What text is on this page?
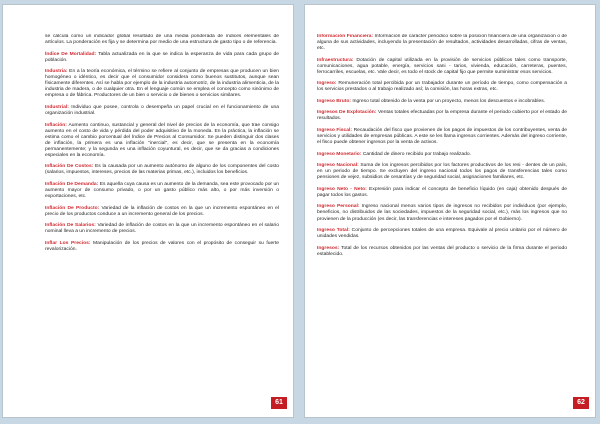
se calcula como un indicador global resultado de una media ponderada de índices elementales de artículos. La ponderación es fija y se determina por medio de una estructura de gasto tipo o de referencia.

Índice De Mortalidad: Tabla actualizada en la que se indica la esperanza de vida para cada grupo de población.

Industria: En a la teoría económica, el término se refiere al conjunto de empresas que producen un bien homogéneo o idéntico, es decir que el consumidor considera como buenos sustitutos, aunque sean físicamente diferentes. Así se habla por ejemplo de la industria automotriz, de la industria alimenticia, de la industria de madera, o de cualquier otra. En el lenguaje común se emplea el concepto como sinónimo de empresa o de fábrica. Productores de un bien o servicio o de bienes o servicios similares.

Industrial: Individuo que posee, controla o desempeña un papel crucial en el funcionamiento de una organización industrial.

Inflación: Aumento continuo, sustancial y general del nivel de precios de la economía, que trae consigo aumento en el costo de vida y pérdida del poder adquisitivo de la moneda. En la práctica, la inflación se estima como el cambio porcentual del Índice de Precios al Consumidor. Se pueden distinguir dos clases de inflación, la primera es una inflación "inercial", es decir, que se presenta en la economía permanentemente; y la segunda es una inflación coyuntural, es decir, que se da gracias a condiciones especiales en la economía.

Inflación De Costos: Es la causada por un aumento autónomo de alguno de los componentes del costo (salarios, impuestos, intereses, precios de las materias primas, etc.), incluidos los beneficios.

Inflación De Demanda: Es aquella cuya causa es un aumento de la demanda, sea este provocado por un aumento mayor de consumo privado, o por un gasto público más alto, o por más inversión o exportaciones, etc.

Inflación De Producto: Variedad de la inflación de costos en la que un incremento espontáneo en el precio de los productos conduce a un incremento general de los precios.

Inflación De Salarios: Variedad de inflación de costos en la que un incremento espontáneo en el salario nominal lleva a un incremento de precios.

Inflar Los Precios: Manipulación de los precios de valores con el propósito de conseguir su fuerte revalorización.

61

Información Financiera: Información de carácter periódico sobre la posición financiera de una organización o de alguna de sus actividades, incluyendo la presentación de resultados, actividades desarrolladas, cifras de ventas, etc.

Infraestructura: Dotación de capital utilizada en la provisión de servicios públicos tales como transporte, comunicaciones, agua potable, energía, servicios sani - tarios, vivienda, educación, carreteras, puentes, ferrocarriles, escuelas, etc. Vale decir, es todo el stock de capital fijo que permite suministrar esos servicios.

Ingreso: Remuneración total percibida por un trabajador durante un período de tiempo, como compensación a los servicios prestados o al trabajo realizado así; la comisión, las horas extras, etc.

Ingreso Bruto: Ingreso total obtenido de la venta por un proyecto, menos los descuentos e incobrables.

Ingresos De Explotación: Ventas totales efectuadas por la empresa durante el periodo cubierto por el estado de resultados.

Ingreso Fiscal: Recaudación del fisco que provienen de los pagos de impuestos de los contribuyentes, venta de servicios y utilidades de empresas públicas. A este se les llama ingresos corrientes. Además del ingreso corriente, el fisco puede obtener ingresos por la venta de activos.

Ingreso Monetario: Cantidad de dinero recibido por trabajo realizado.

Ingreso Nacional: Suma de los ingresos percibidos por los factores productivos de los resi - dentes de un país, en un periodo de tiempo. Se excluyen del ingreso nacional todos los pagos de transferencias tales como pensiones de vejez, subsidios de cesantías y de seguridad social, asignaciones familiares, etc.

Ingreso Neto - Neto: Expresión para indicar el concepto de beneficio líquido (en caja) obtenido después de pagar todos los gastos.

Ingreso Personal: Ingreso nacional menos varios tipos de ingresos no recibidos por individuos (por ejemplo, beneficios, no distribuidos de las sociedades, impuestos de la seguridad social, etc.), más los ingresos que no provienen de la producción (es decir, las transferencias e intereses pagados por el Gobierno).

Ingreso Total: Conjunto de percepciones totales de una empresa. Equivale al precio unitario por el número de unidades vendidas.

Ingresos: Total de los recursos obtenidos por las ventas del producto o servicio de la firma durante el periodo establecido.

62
